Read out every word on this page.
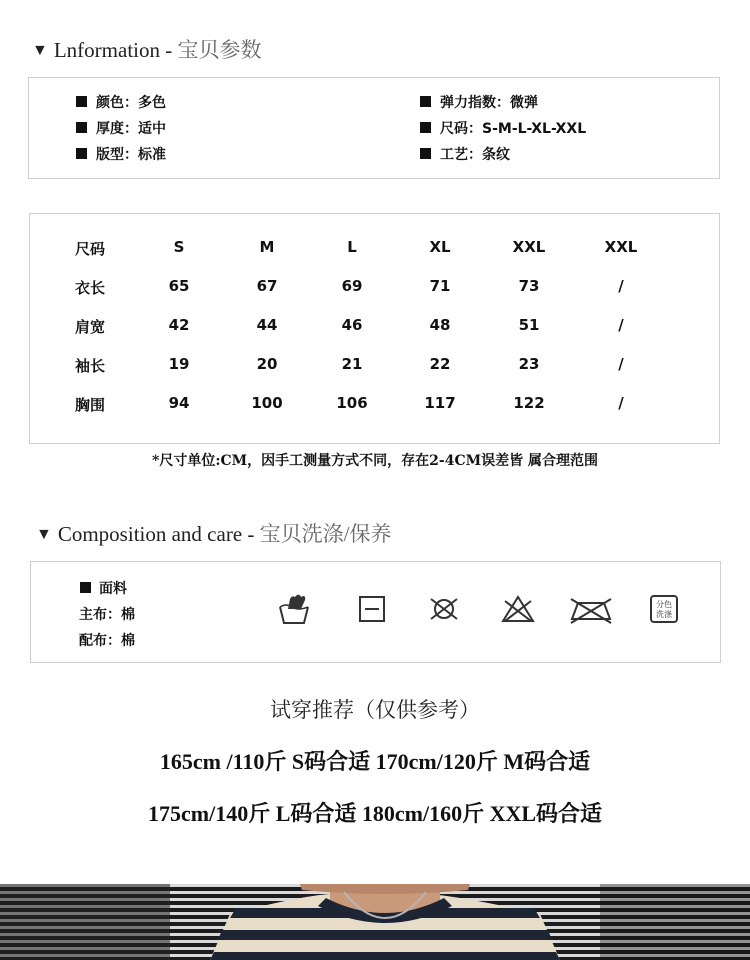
▼ Lnformation - 宝贝参数
颜色：多色
厚度：适中
版型：标准
弹力指数：微弹
尺码：S-M-L-XL-XXL
工艺：条纹
尺码	S	M	L	XL	XXL	XXL
衣长	65	67	69	71	73	/
肩宽	42	44	46	48	51	/
袖长	19	20	21	22	23	/
胸围	94	100	106	117	122	/
*尺寸单位:CM，因手工测量方式不同，存在2-4CM误差皆 属合理范围
▼ Composition and care - 宝贝洗涤/保养
面料
主布：棉
配布：棉
分色洗涤
试穿推荐（仅供参考）
165cm /110斤 S码合适 170cm/120斤 M码合适
175cm/140斤 L码合适 180cm/160斤 XXL码合适
